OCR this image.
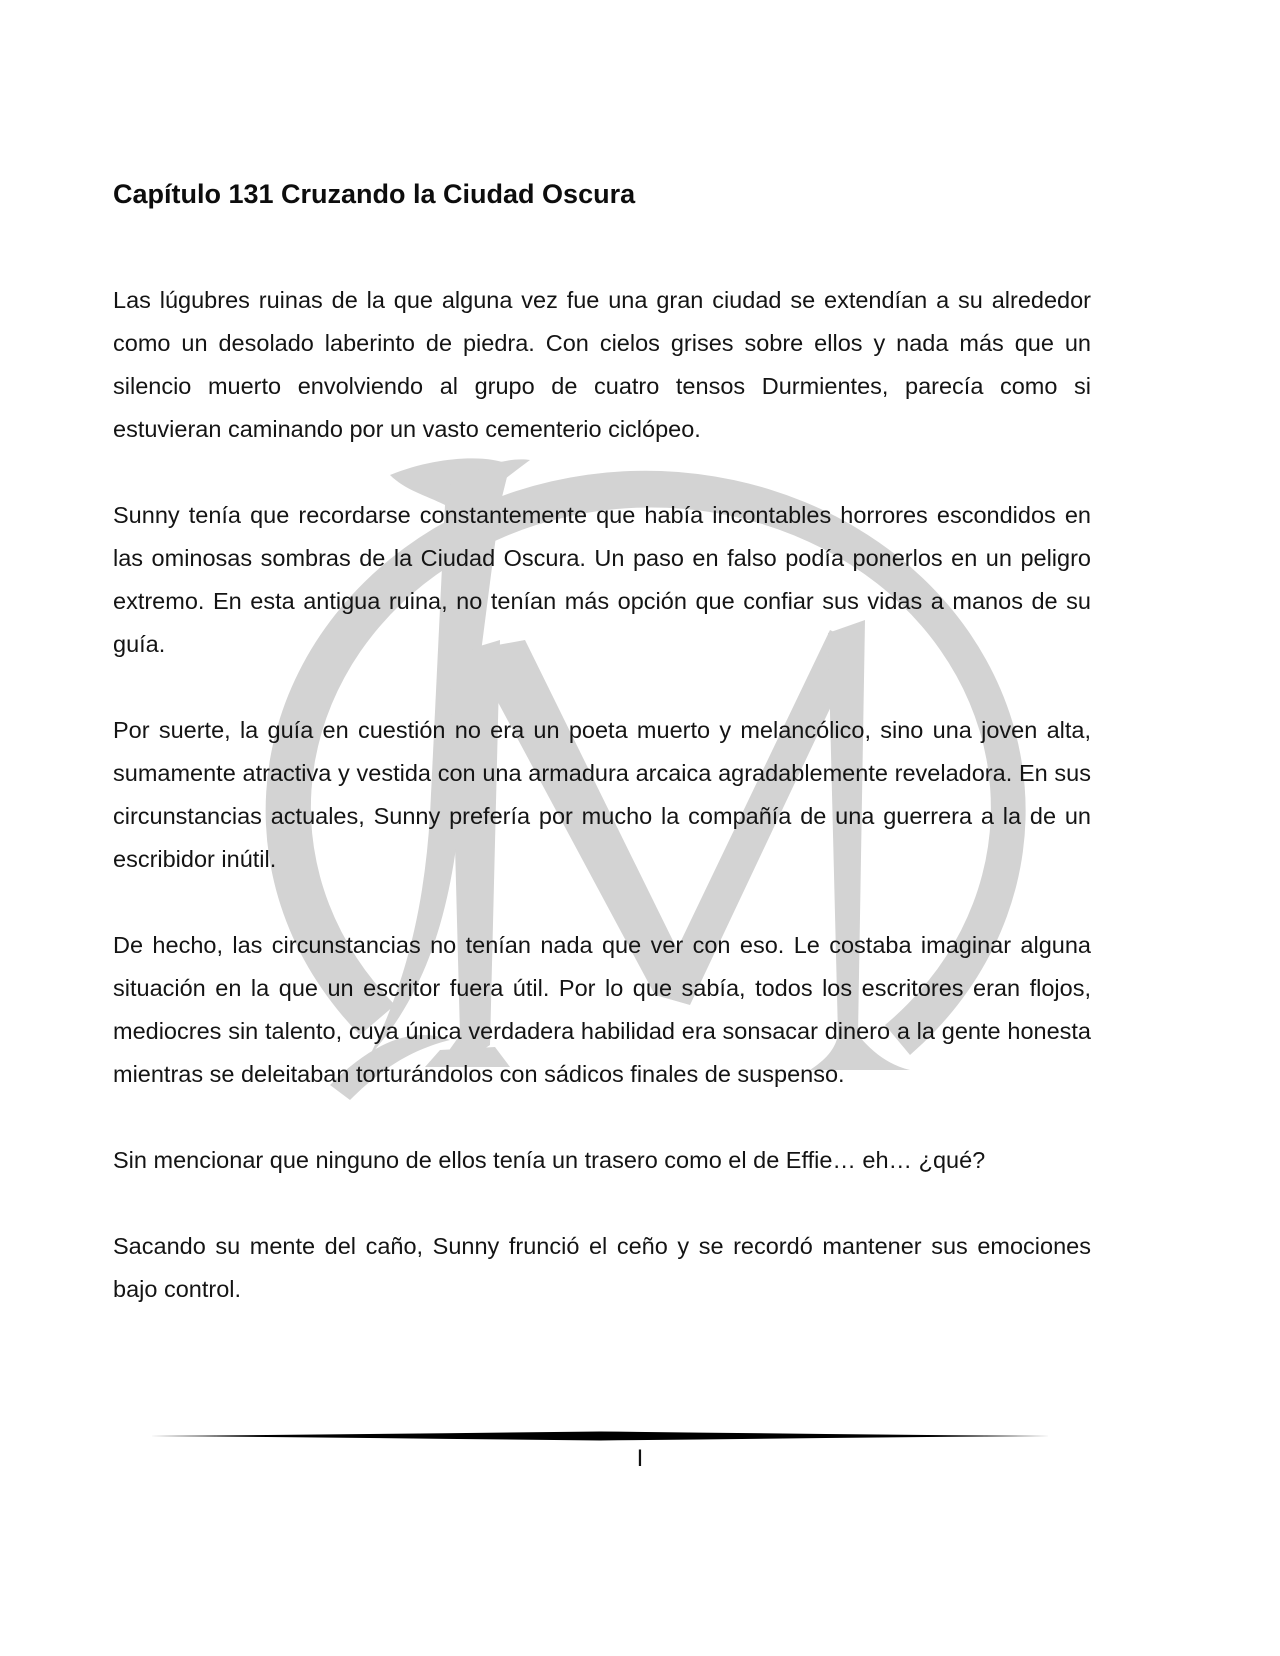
Capítulo 131 Cruzando la Ciudad Oscura

Las lúgubres ruinas de la que alguna vez fue una gran ciudad se extendían a su alrededor como un desolado laberinto de piedra. Con cielos grises sobre ellos y nada más que un silencio muerto envolviendo al grupo de cuatro tensos Durmientes, parecía como si estuvieran caminando por un vasto cementerio ciclópeo.

Sunny tenía que recordarse constantemente que había incontables horrores escondidos en las ominosas sombras de la Ciudad Oscura. Un paso en falso podía ponerlos en un peligro extremo. En esta antigua ruina, no tenían más opción que confiar sus vidas a manos de su guía.

Por suerte, la guía en cuestión no era un poeta muerto y melancólico, sino una joven alta, sumamente atractiva y vestida con una armadura arcaica agradablemente reveladora. En sus circunstancias actuales, Sunny prefería por mucho la compañía de una guerrera a la de un escribidor inútil.

De hecho, las circunstancias no tenían nada que ver con eso. Le costaba imaginar alguna situación en la que un escritor fuera útil. Por lo que sabía, todos los escritores eran flojos, mediocres sin talento, cuya única verdadera habilidad era sonsacar dinero a la gente honesta mientras se deleitaban torturándolos con sádicos finales de suspenso.

Sin mencionar que ninguno de ellos tenía un trasero como el de Effie… eh… ¿qué?

Sacando su mente del caño, Sunny frunció el ceño y se recordó mantener sus emociones bajo control.

I
